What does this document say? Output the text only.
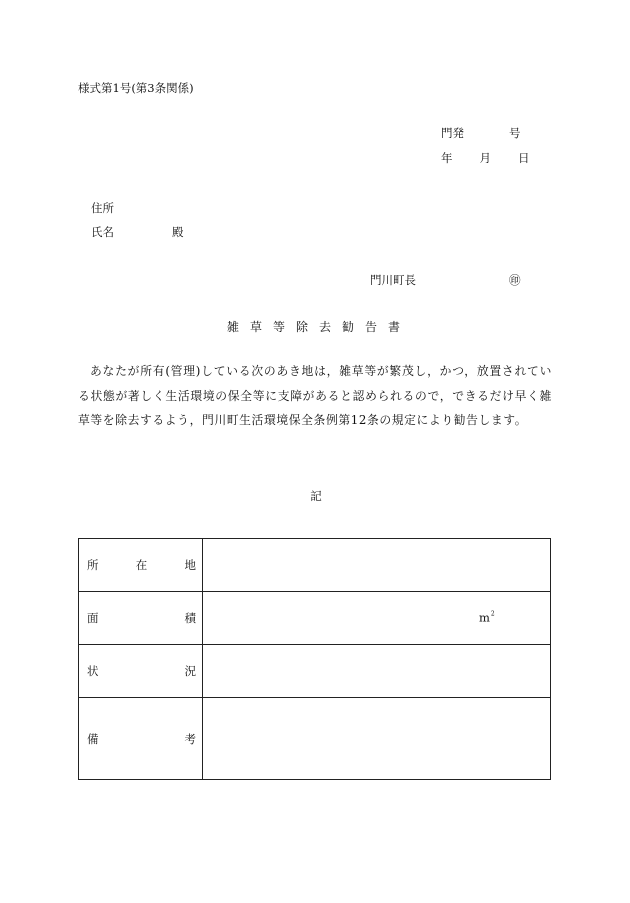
様式第1号(第3条関係)
門発	号
年 月 日
住所
氏名	殿
門川町長	㊞
雑草等除去勧告書
あなたが所有(管理)している次のあき地は，雑草等が繁茂し，かつ，放置されている状態が著しく生活環境の保全等に支障があると認められるので，できるだけ早く雑草等を除去するよう，門川町生活環境保全条例第12条の規定により勧告します。
記
所 在 地	

面 積	$m^2$

状 況	

備 考	
